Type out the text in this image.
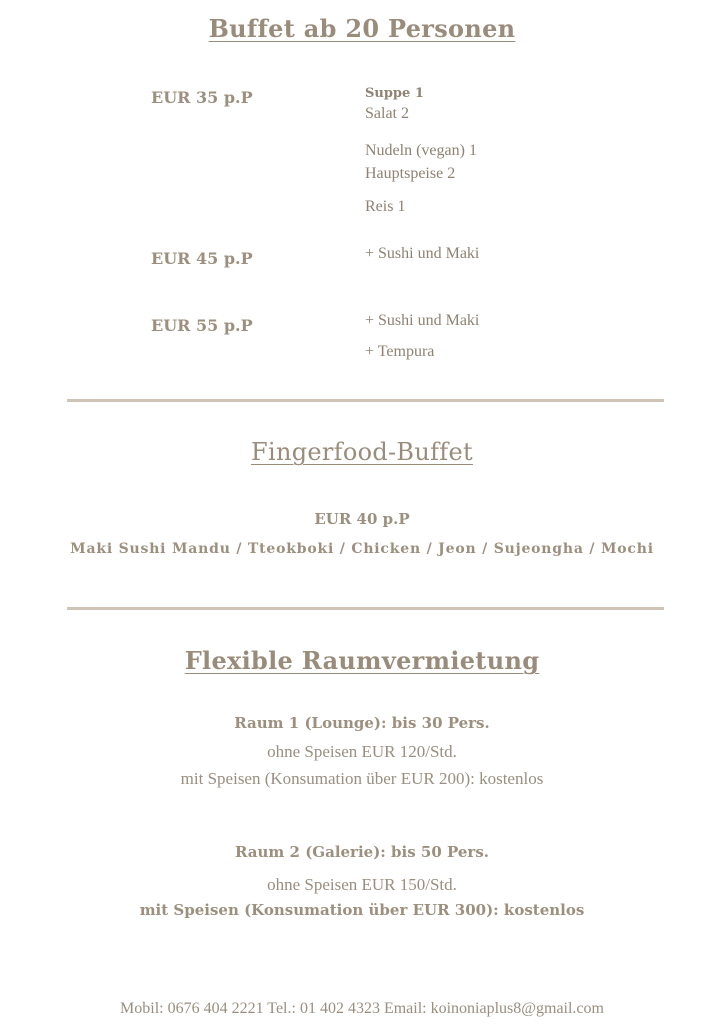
Buffet ab 20 Personen
EUR 35 p.P	Suppe 1
Salat 2
Nudeln (vegan) 1
Hauptspeise 2
Reis 1
EUR 45 p.P	+ Sushi und Maki
EUR 55 p.P	+ Sushi und Maki
+ Tempura
Fingerfood-Buffet
EUR 40 p.P
Maki Sushi Mandu / Tteokboki / Chicken / Jeon / Sujeongha / Mochi
Flexible Raumvermietung
Raum 1 (Lounge): bis 30 Pers.
ohne Speisen EUR 120/Std.
mit Speisen (Konsumation über EUR 200): kostenlos
Raum 2 (Galerie): bis 50 Pers.
ohne Speisen EUR 150/Std.
mit Speisen (Konsumation über EUR 300): kostenlos
Mobil: 0676 404 2221 Tel.: 01 402 4323 Email: koinoniaplus8@gmail.com
